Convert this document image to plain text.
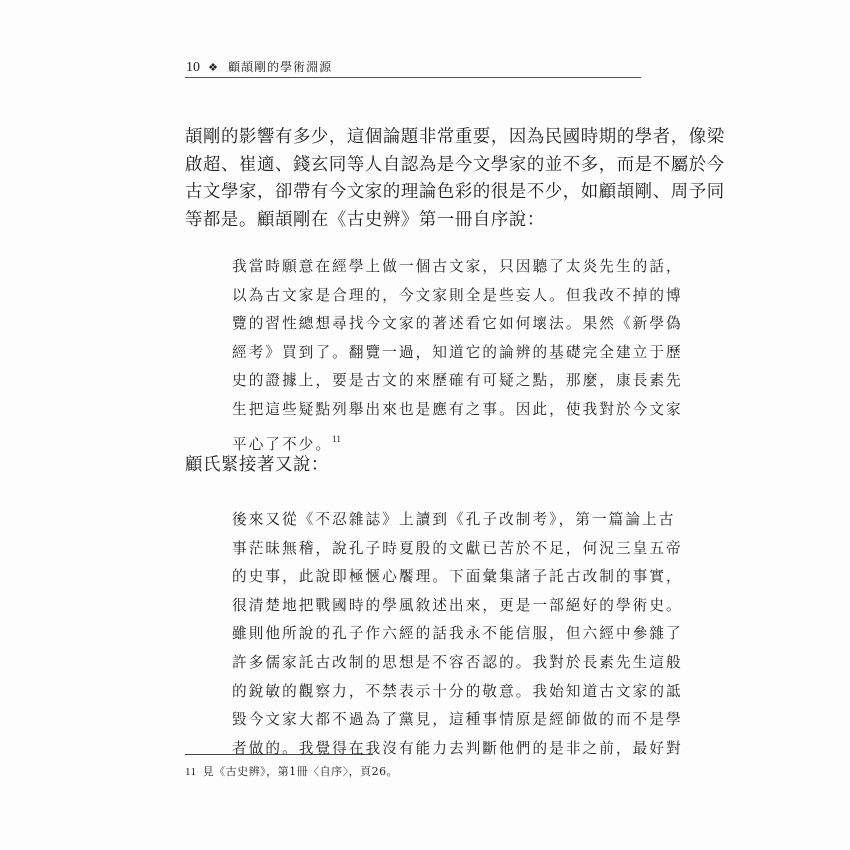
10 ❖ 顧頡剛的學術淵源
頡剛的影響有多少，這個論題非常重要，因為民國時期的學者，像梁
啟超、崔適、錢玄同等人自認為是今文學家的並不多，而是不屬於今
古文學家，卻帶有今文家的理論色彩的很是不少，如顧頡剛、周予同
等都是。顧頡剛在《古史辨》第一冊自序說：
我當時願意在經學上做一個古文家，只因聽了太炎先生的話，
以為古文家是合理的，今文家則全是些妄人。但我改不掉的博
覽的習性總想尋找今文家的著述看它如何壞法。果然《新學偽
經考》買到了。翻覽一過，知道它的論辨的基礎完全建立于歷
史的證據上，要是古文的來歷確有可疑之點，那麼，康長素先
生把這些疑點列舉出來也是應有之事。因此，使我對於今文家
平心了不少。$^{11}$
顧氏緊接著又說：
後來又從《不忍雜誌》上讀到《孔子改制考》，第一篇論上古
事茫昧無稽，說孔子時夏殷的文獻已苦於不足，何況三皇五帝
的史事，此說即極愜心饜理。下面彙集諸子託古改制的事實，
很清楚地把戰國時的學風敘述出來，更是一部絕好的學術史。
雖則他所說的孔子作六經的話我永不能信服，但六經中參雜了
許多儒家託古改制的思想是不容否認的。我對於長素先生這般
的銳敏的觀察力，不禁表示十分的敬意。我始知道古文家的詆
毀今文家大都不過為了黨見，這種事情原是經師做的而不是學
者做的。我覺得在我沒有能力去判斷他們的是非之前，最好對
11 見《古史辨》，第1冊〈自序〉，頁26。
